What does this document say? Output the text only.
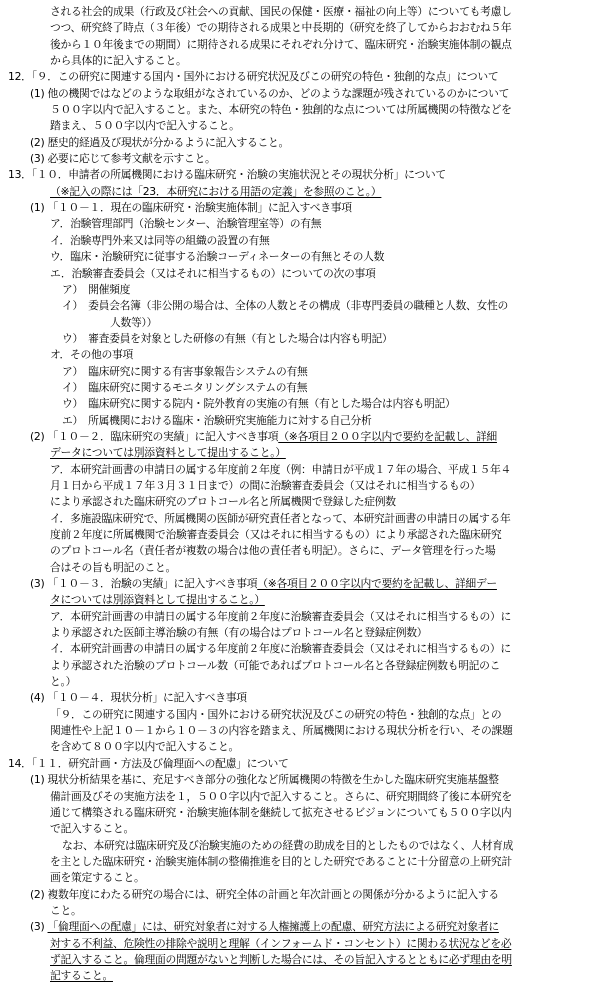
される社会的成果（行政及び社会への貢献、国民の保健・医療・福祉の向上等）についても考慮し
つつ、研究終了時点（３年後）での期待される成果と中長期的（研究を終了してからおおむね５年
後から１０年後までの期間）に期待される成果にそれぞれ分けて、臨床研究・治験実施体制の観点
から具体的に記入すること。
12．「９．この研究に関連する国内・国外における研究状況及びこの研究の特色・独創的な点」について
(1) 他の機関ではなどのような取組がなされているのか、どのような課題が残されているのかについて
５００字以内で記入すること。また、本研究の特色・独創的な点については所属機関の特徴などを
踏まえ、５００字以内で記入すること。
(2) 歴史的経過及び現状が分かるように記入すること。
(3) 必要に応じて参考文献を示すこと。
13．「１０．申請者の所属機関における臨床研究・治験の実施状況とその現状分析」について
（※記入の際には「23．本研究における用語の定義」を参照のこと。）
(1) 「１０－１．現在の臨床研究・治験実施体制」に記入すべき事項
ア．治験管理部門（治験センター、治験管理室等）の有無
イ．治験専門外来又は同等の組織の設置の有無
ウ．臨床・治験研究に従事する治験コーディネーターの有無とその人数
エ．治験審査委員会（又はそれに相当するもの）についての次の事項
ア）　開催頻度
イ）　委員会名簿（非公開の場合は、全体の人数とその構成（非専門委員の職種と人数、女性の
人数等））
ウ）　審査委員を対象とした研修の有無（有とした場合は内容も明記）
オ．その他の事項
ア）　臨床研究に関する有害事象報告システムの有無
イ）　臨床研究に関するモニタリングシステムの有無
ウ）　臨床研究に関する院内・院外教育の実施の有無（有とした場合は内容も明記）
エ）　所属機関における臨床・治験研究実施能力に対する自己分析
(2) 「１０－２．臨床研究の実績」に記入すべき事項（※各項目２００字以内で要約を記載し、詳細
データについては別添資料として提出すること。）
ア．本研究計画書の申請日の属する年度前２年度（例：申請日が平成１７年の場合、平成１５年４
月１日から平成１７年３月３１日まで）の間に治験審査委員会（又はそれに相当するもの）
により承認された臨床研究のプロトコール名と所属機関で登録した症例数
イ．多施設臨床研究で、所属機関の医師が研究責任者となって、本研究計画書の申請日の属する年
度前２年度に所属機関で治験審査委員会（又はそれに相当するもの）により承認された臨床研究
のプロトコール名（責任者が複数の場合は他の責任者も明記）。さらに、データ管理を行った場
合はその旨も明記のこと。
(3) 「１０－３．治験の実績」に記入すべき事項（※各項目２００字以内で要約を記載し、詳細デー
タについては別添資料として提出すること。）
ア．本研究計画書の申請日の属する年度前２年度に治験審査委員会（又はそれに相当するもの）に
より承認された医師主導治験の有無（有の場合はプロトコール名と登録症例数）
イ．本研究計画書の申請日の属する年度前２年度に治験審査委員会（又はそれに相当するもの）に
より承認された治験のプロトコール数（可能であればプロトコール名と各登録症例数も明記のこ
と。）
(4) 「１０－４．現状分析」に記入すべき事項
「９．この研究に関連する国内・国外における研究状況及びこの研究の特色・独創的な点」との
関連性や上記１０－１から１０－３の内容を踏まえ、所属機関における現状分析を行い、その課題
を含めて８００字以内で記入すること。
14．「１１．研究計画・方法及び倫理面への配慮」について
(1) 現状分析結果を基に、充足すべき部分の強化など所属機関の特徴を生かした臨床研究実施基盤整
備計画及びその実施方法を１，５００字以内で記入すること。さらに、研究期間終了後に本研究を
通じて構築される臨床研究・治験実施体制を継続して拡充させるビジョンについても５００字以内
で記入すること。
なお、本研究は臨床研究及び治験実施のための経費の助成を目的としたものではなく、人材育成
を主とした臨床研究・治験実施体制の整備推進を目的とした研究であることに十分留意の上研究計
画を策定すること。
(2) 複数年度にわたる研究の場合には、研究全体の計画と年次計画との関係が分かるように記入する
こと。
(3) 「倫理面への配慮」には、研究対象者に対する人権擁護上の配慮、研究方法による研究対象者に
対する不利益、危険性の排除や説明と理解（インフォームド・コンセント）に関わる状況などを必
ず記入すること。倫理面の問題がないと判断した場合には、その旨記入するとともに必ず理由を明
記すること。
